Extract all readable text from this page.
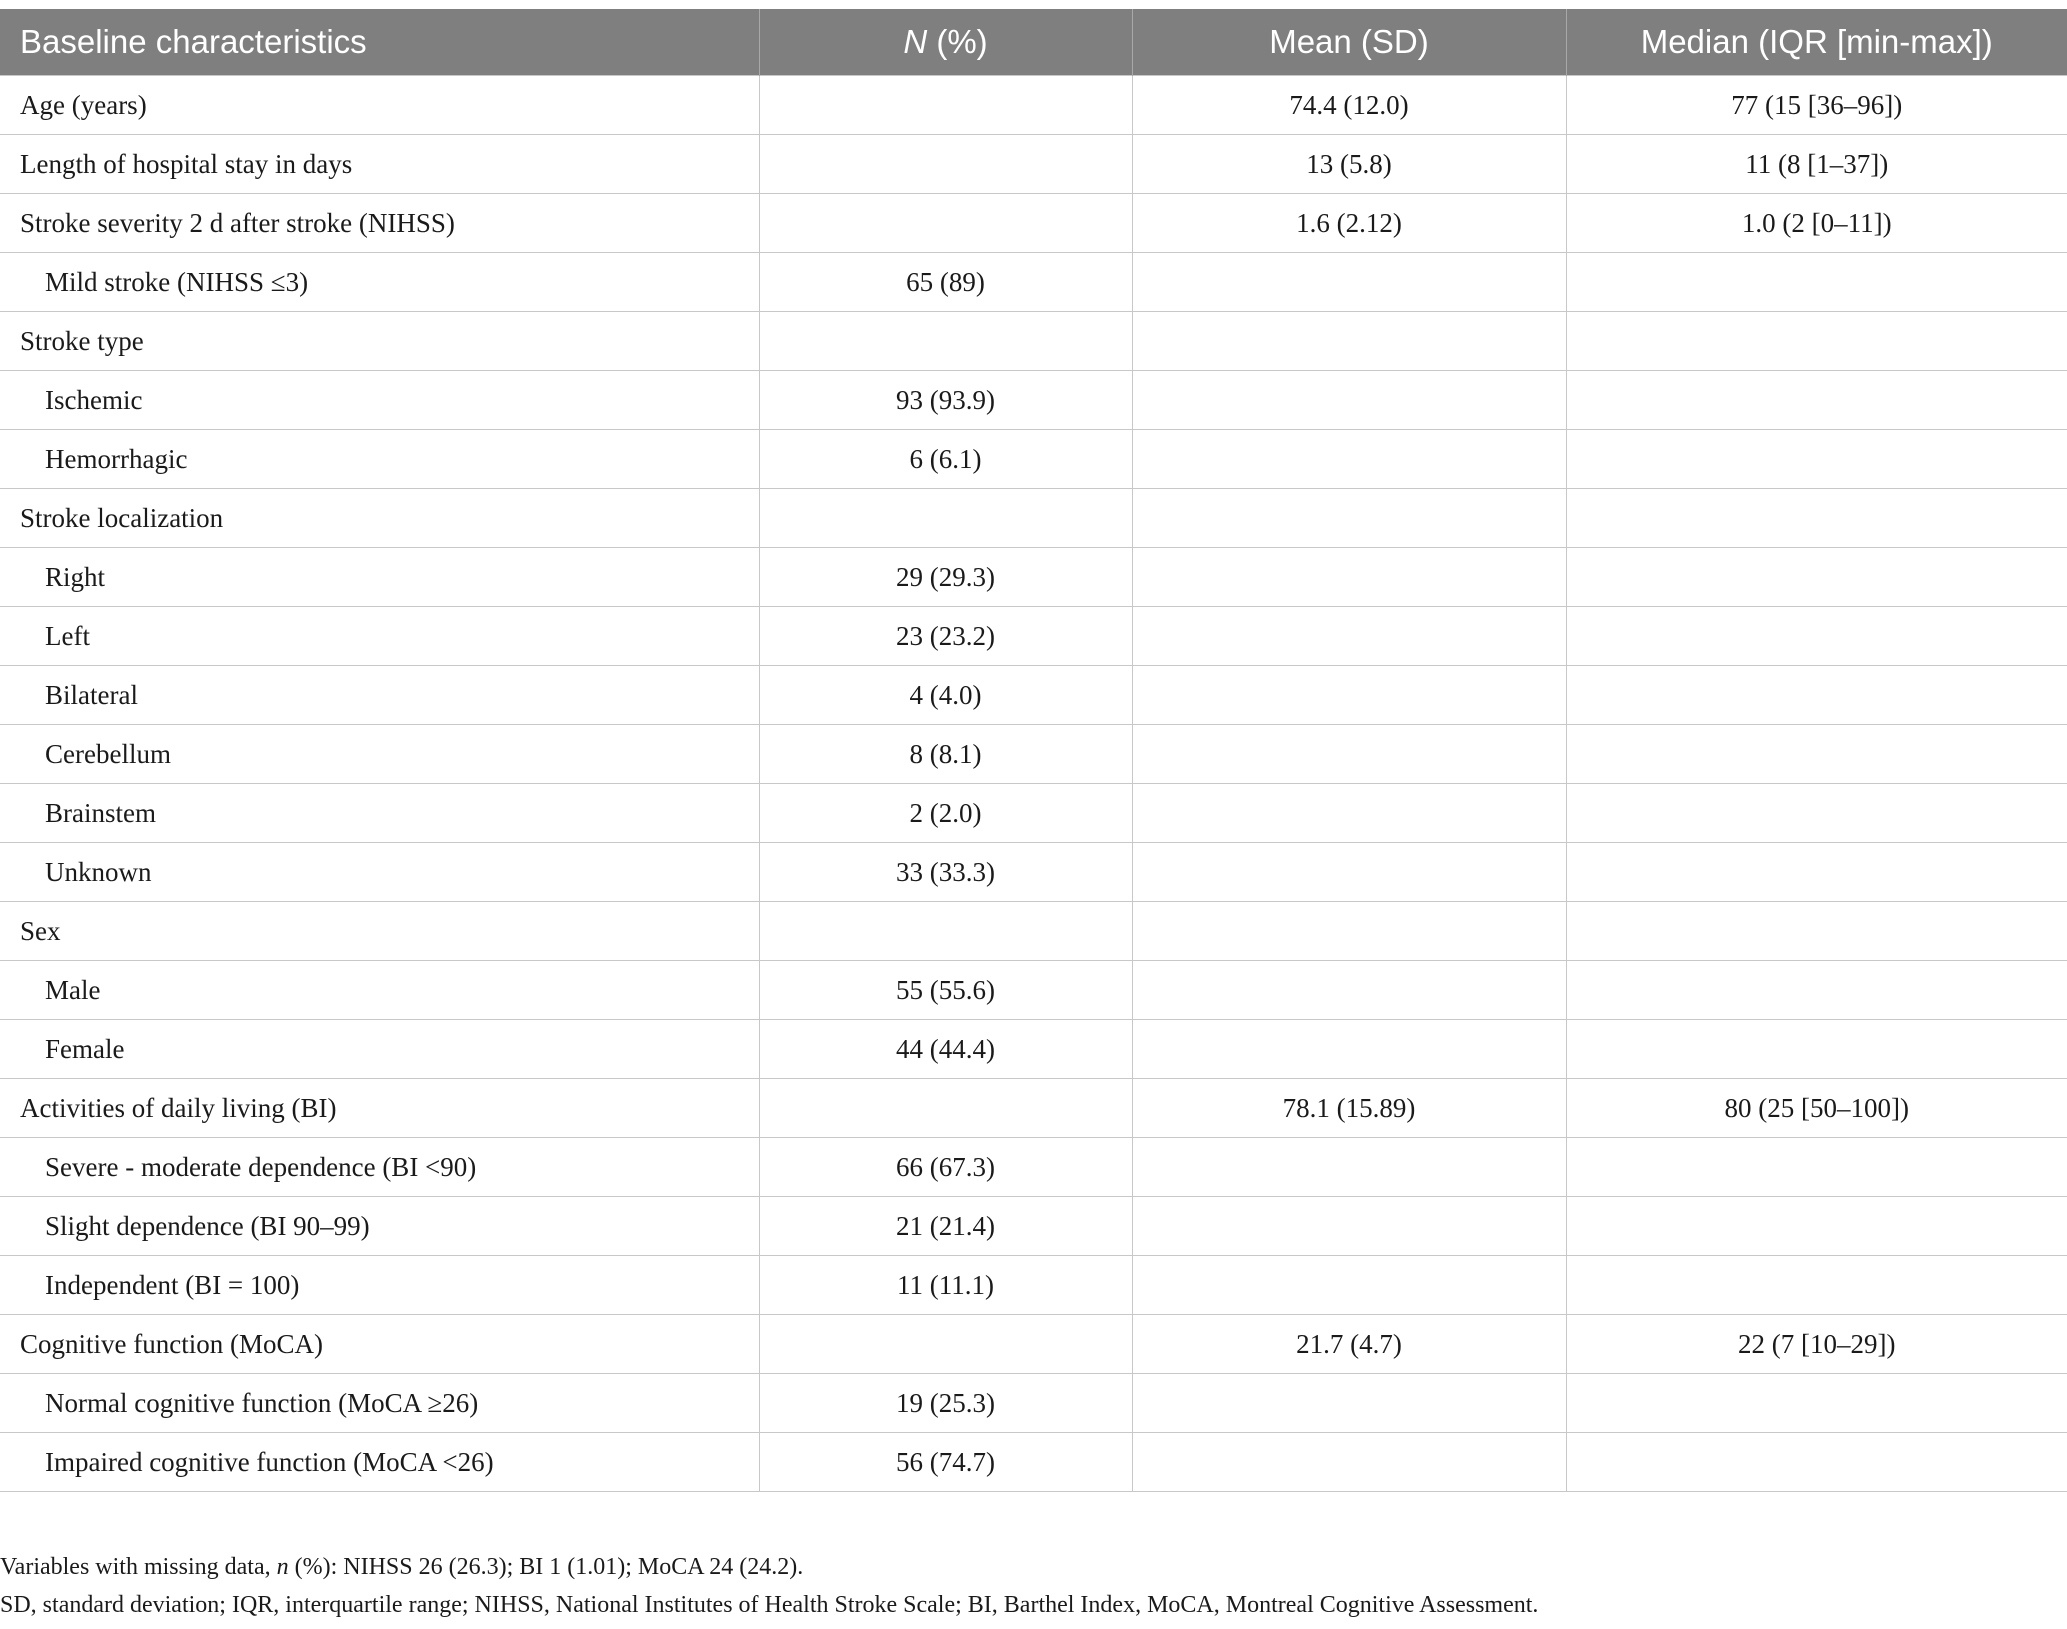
Baseline characteristics	N (%)	Mean (SD)	Median (IQR [min-max])
Age (years)		74.4 (12.0)	77 (15 [36–96])
Length of hospital stay in days		13 (5.8)	11 (8 [1–37])
Stroke severity 2 d after stroke (NIHSS)		1.6 (2.12)	1.0 (2 [0–11])
Mild stroke (NIHSS ≤3)	65 (89)		
Stroke type			
Ischemic	93 (93.9)		
Hemorrhagic	6 (6.1)		
Stroke localization			
Right	29 (29.3)		
Left	23 (23.2)		
Bilateral	4 (4.0)		
Cerebellum	8 (8.1)		
Brainstem	2 (2.0)		
Unknown	33 (33.3)		
Sex			
Male	55 (55.6)		
Female	44 (44.4)		
Activities of daily living (BI)		78.1 (15.89)	80 (25 [50–100])
Severe - moderate dependence (BI <90)	66 (67.3)		
Slight dependence (BI 90–99)	21 (21.4)		
Independent (BI = 100)	11 (11.1)		
Cognitive function (MoCA)		21.7 (4.7)	22 (7 [10–29])
Normal cognitive function (MoCA ≥26)	19 (25.3)		
Impaired cognitive function (MoCA <26)	56 (74.7)		
Variables with missing data, n (%): NIHSS 26 (26.3); BI 1 (1.01); MoCA 24 (24.2).
SD, standard deviation; IQR, interquartile range; NIHSS, National Institutes of Health Stroke Scale; BI, Barthel Index, MoCA, Montreal Cognitive Assessment.
